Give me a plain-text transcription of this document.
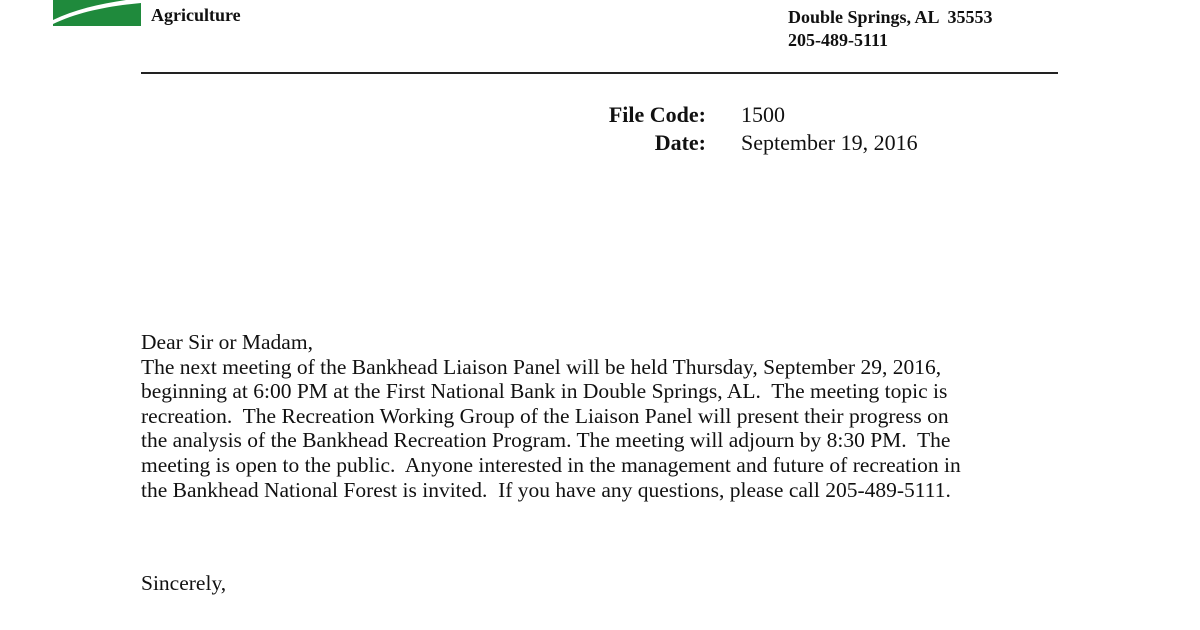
Agriculture	Double Springs, AL  35553
205-489-5111
File Code:
Date:
1500
September 19, 2016
Dear Sir or Madam,
The next meeting of the Bankhead Liaison Panel will be held Thursday, September 29, 2016,
beginning at 6:00 PM at the First National Bank in Double Springs, AL.  The meeting topic is
recreation.  The Recreation Working Group of the Liaison Panel will present their progress on
the analysis of the Bankhead Recreation Program. The meeting will adjourn by 8:30 PM.  The
meeting is open to the public.  Anyone interested in the management and future of recreation in
the Bankhead National Forest is invited.  If you have any questions, please call 205-489-5111.
Sincerely,
